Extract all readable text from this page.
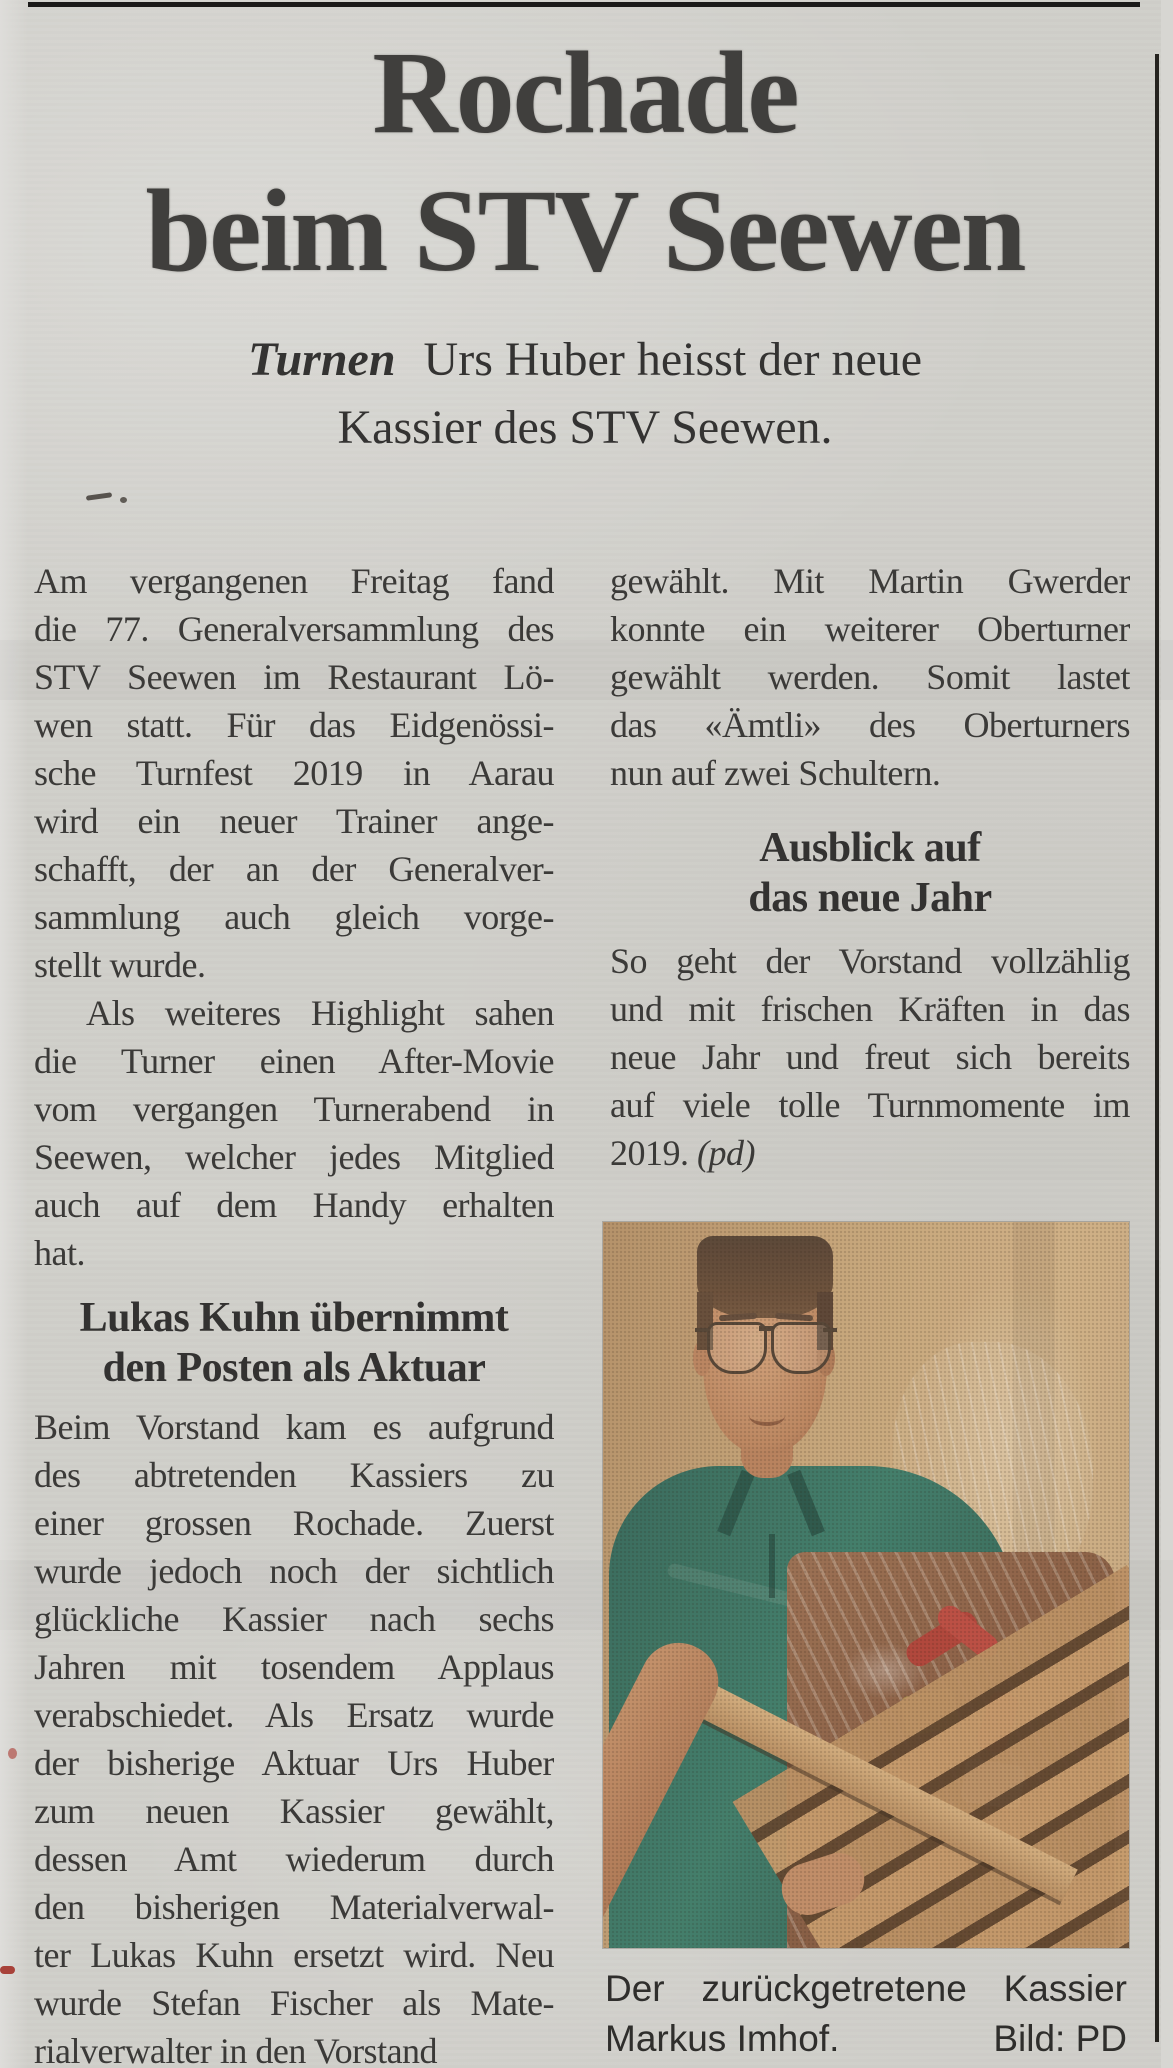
Rochade
beim STV Seewen
Turnen Urs Huber heisst der neue
Kassier des STV Seewen.
Am vergangenen Freitag fand
die 77. Generalversammlung des
STV Seewen im Restaurant Lö-
wen statt. Für das Eidgenössi-
sche Turnfest 2019 in Aarau
wird ein neuer Trainer ange-
schafft, der an der Generalver-
sammlung auch gleich vorge-
stellt wurde.
Als weiteres Highlight sahen
die Turner einen After-Movie
vom vergangen Turnerabend in
Seewen, welcher jedes Mitglied
auch auf dem Handy erhalten
hat.
Lukas Kuhn übernimmt
den Posten als Aktuar
Beim Vorstand kam es aufgrund
des abtretenden Kassiers zu
einer grossen Rochade. Zuerst
wurde jedoch noch der sichtlich
glückliche Kassier nach sechs
Jahren mit tosendem Applaus
verabschiedet. Als Ersatz wurde
der bisherige Aktuar Urs Huber
zum neuen Kassier gewählt,
dessen Amt wiederum durch
den bisherigen Materialverwal-
ter Lukas Kuhn ersetzt wird. Neu
wurde Stefan Fischer als Mate-
rialverwalter in den Vorstand
gewählt. Mit Martin Gwerder
konnte ein weiterer Oberturner
gewählt werden. Somit lastet
das «Ämtli» des Oberturners
nun auf zwei Schultern.
Ausblick auf
das neue Jahr
So geht der Vorstand vollzählig
und mit frischen Kräften in das
neue Jahr und freut sich bereits
auf viele tolle Turnmomente im
2019. (pd)
Der zurückgetretene Kassier
Markus Imhof.	Bild: PD
